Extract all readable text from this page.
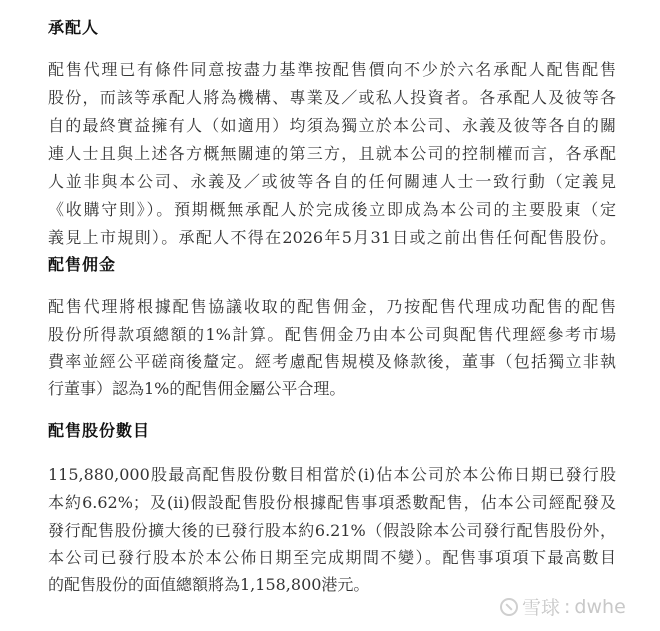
承配人
配售代理已有條件同意按盡力基準按配售價向不少於六名承配人配售配售
股份，而該等承配人將為機構、專業及／或私人投資者。各承配人及彼等各
自的最終實益擁有人（如適用）均須為獨立於本公司、永義及彼等各自的關
連人士且與上述各方概無關連的第三方，且就本公司的控制權而言，各承配
人並非與本公司、永義及／或彼等各自的任何關連人士一致行動（定義見
《收購守則》）。預期概無承配人於完成後立即成為本公司的主要股東（定
義見上市規則）。承配人不得在2026年5月31日或之前出售任何配售股份。
配售佣金
配售代理將根據配售協議收取的配售佣金，乃按配售代理成功配售的配售
股份所得款項總額的1%計算。配售佣金乃由本公司與配售代理經參考市場
費率並經公平磋商後釐定。經考慮配售規模及條款後，董事（包括獨立非執
行董事）認為1%的配售佣金屬公平合理。
配售股份數目
115,880,000股最高配售股份數目相當於(i)佔本公司於本公佈日期已發行股
本約6.62%；及(ii)假設配售股份根據配售事項悉數配售，佔本公司經配發及
發行配售股份擴大後的已發行股本約6.21%（假設除本公司發行配售股份外，
本公司已發行股本於本公佈日期至完成期間不變）。配售事項項下最高數目
的配售股份的面值總額將為1,158,800港元。
雪球 : dwhe
